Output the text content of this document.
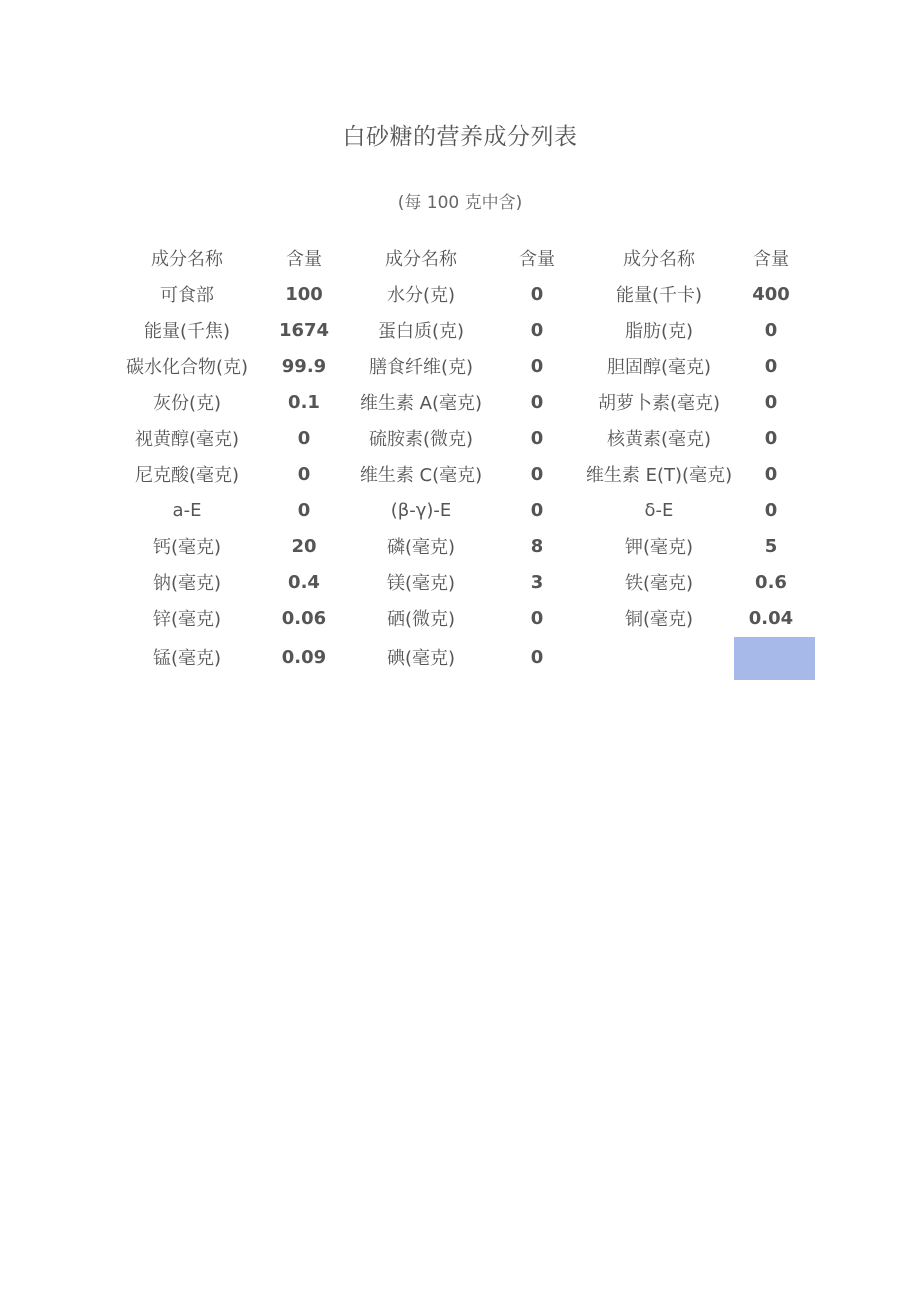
白砂糖的营养成分列表
(每 100 克中含)
成分名称	含量	成分名称	含量	成分名称	含量
可食部	100	水分(克)	0	能量(千卡)	400
能量(千焦)	1674	蛋白质(克)	0	脂肪(克)	0
碳水化合物(克)	99.9	膳食纤维(克)	0	胆固醇(毫克)	0
灰份(克)	0.1	维生素 A(毫克)	0	胡萝卜素(毫克)	0
视黄醇(毫克)	0	硫胺素(微克)	0	核黄素(毫克)	0
尼克酸(毫克)	0	维生素 C(毫克)	0	维生素 E(T)(毫克)	0
a-E	0	(β-γ)-E	0	δ-E	0
钙(毫克)	20	磷(毫克)	8	钾(毫克)	5
钠(毫克)	0.4	镁(毫克)	3	铁(毫克)	0.6
锌(毫克)	0.06	硒(微克)	0	铜(毫克)	0.04
锰(毫克)	0.09	碘(毫克)	0		
